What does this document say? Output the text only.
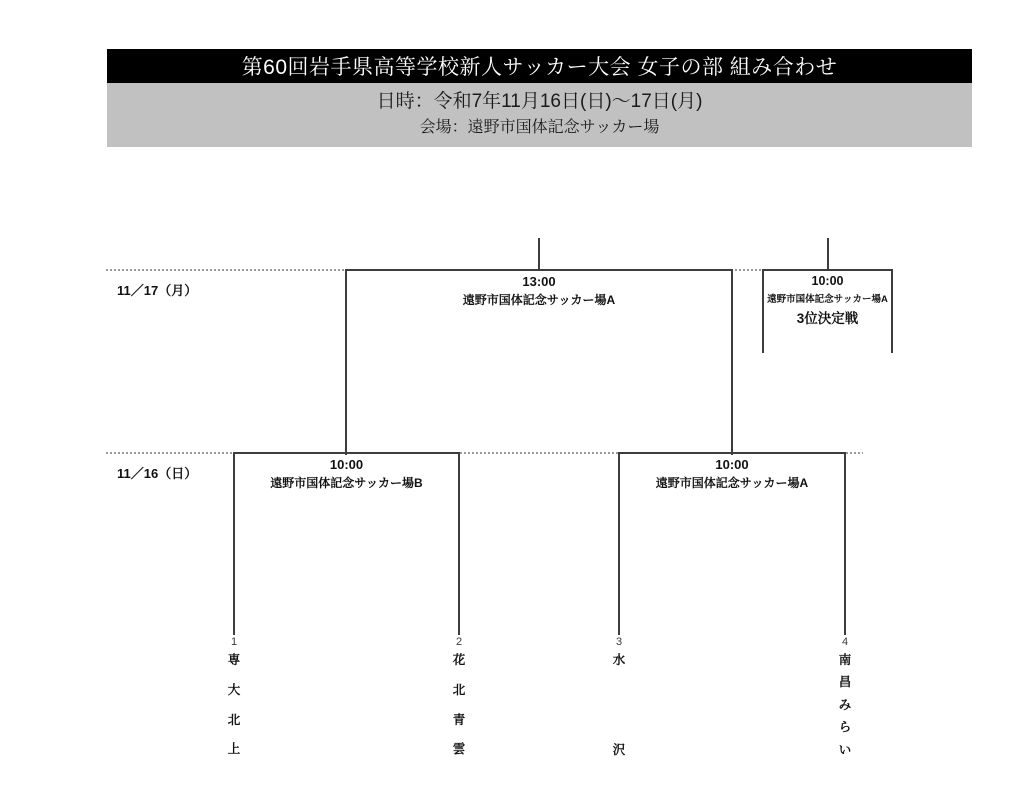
第60回岩手県高等学校新人サッカー大会 女子の部 組み合わせ
日時：令和7年11月16日(日)～17日(月)
会場：遠野市国体記念サッカー場
11／17（月）
11／16（日）
13:00
遠野市国体記念サッカー場A
10:00
遠野市国体記念サッカー場A
3位決定戦
10:00
遠野市国体記念サッカー場B
10:00
遠野市国体記念サッカー場A
1
専
大
北
上
2
花
北
青
雲
3
水
沢
4
南
昌
み
ら
い
